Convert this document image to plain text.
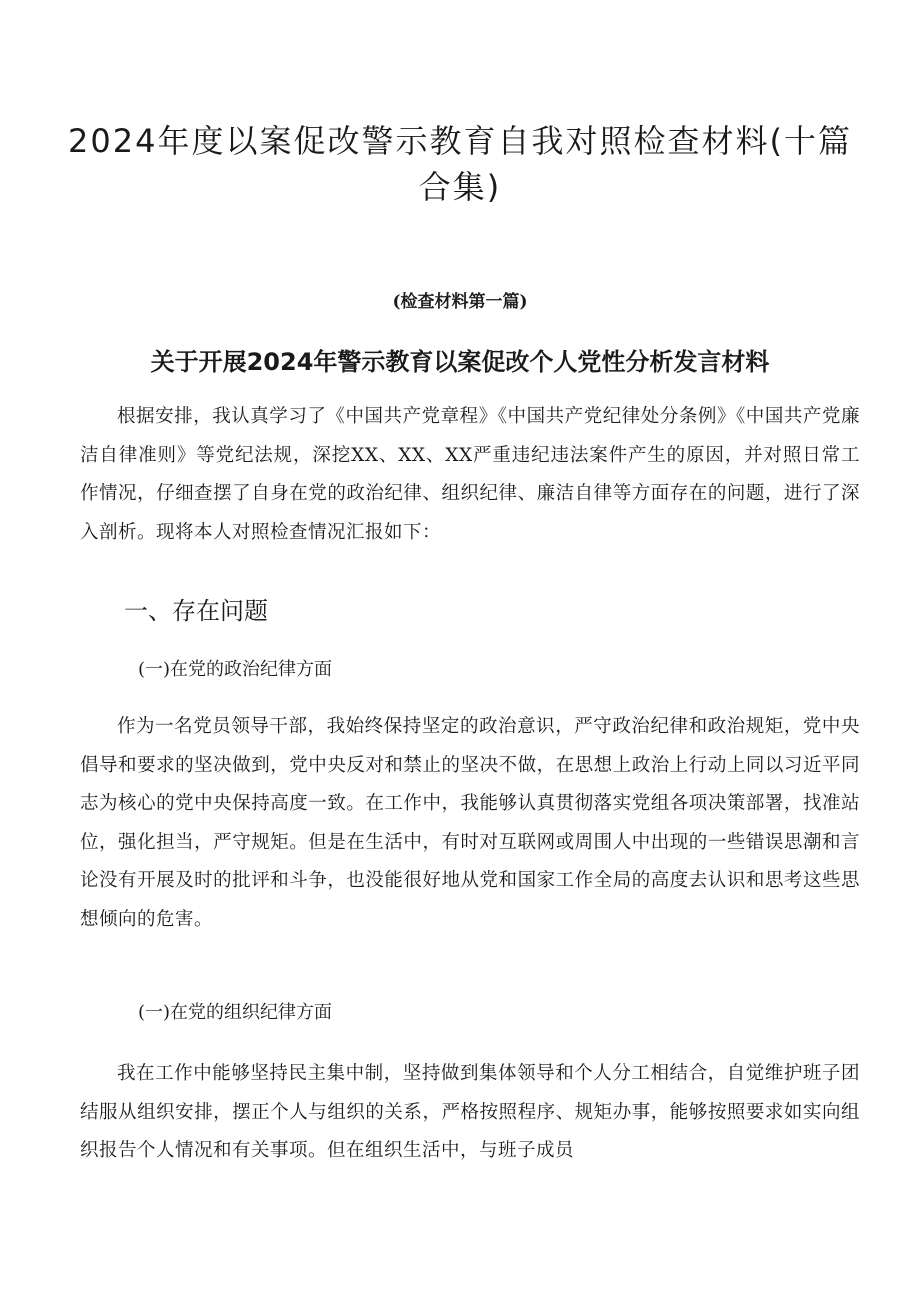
2024年度以案促改警示教育自我对照检查材料(十篇合集)
(检查材料第一篇)
关于开展2024年警示教育以案促改个人党性分析发言材料

根据安排，我认真学习了《中国共产党章程》《中国共产党纪律处分条例》《中国共产党廉洁自律准则》等党纪法规，深挖XX、XX、XX严重违纪违法案件产生的原因，并对照日常工作情况，仔细查摆了自身在党的政治纪律、组织纪律、廉洁自律等方面存在的问题，进行了深入剖析。现将本人对照检查情况汇报如下：

一、存在问题
(一)在党的政治纪律方面

作为一名党员领导干部，我始终保持坚定的政治意识，严守政治纪律和政治规矩，党中央倡导和要求的坚决做到，党中央反对和禁止的坚决不做，在思想上政治上行动上同以习近平同志为核心的党中央保持高度一致。在工作中，我能够认真贯彻落实党组各项决策部署，找准站位，强化担当，严守规矩。但是在生活中，有时对互联网或周围人中出现的一些错误思潮和言论没有开展及时的批评和斗争，也没能很好地从党和国家工作全局的高度去认识和思考这些思想倾向的危害。

(一)在党的组织纪律方面

我在工作中能够坚持民主集中制，坚持做到集体领导和个人分工相结合，自觉维护班子团结服从组织安排，摆正个人与组织的关系，严格按照程序、规矩办事，能够按照要求如实向组织报告个人情况和有关事项。但在组织生活中，与班子成员
